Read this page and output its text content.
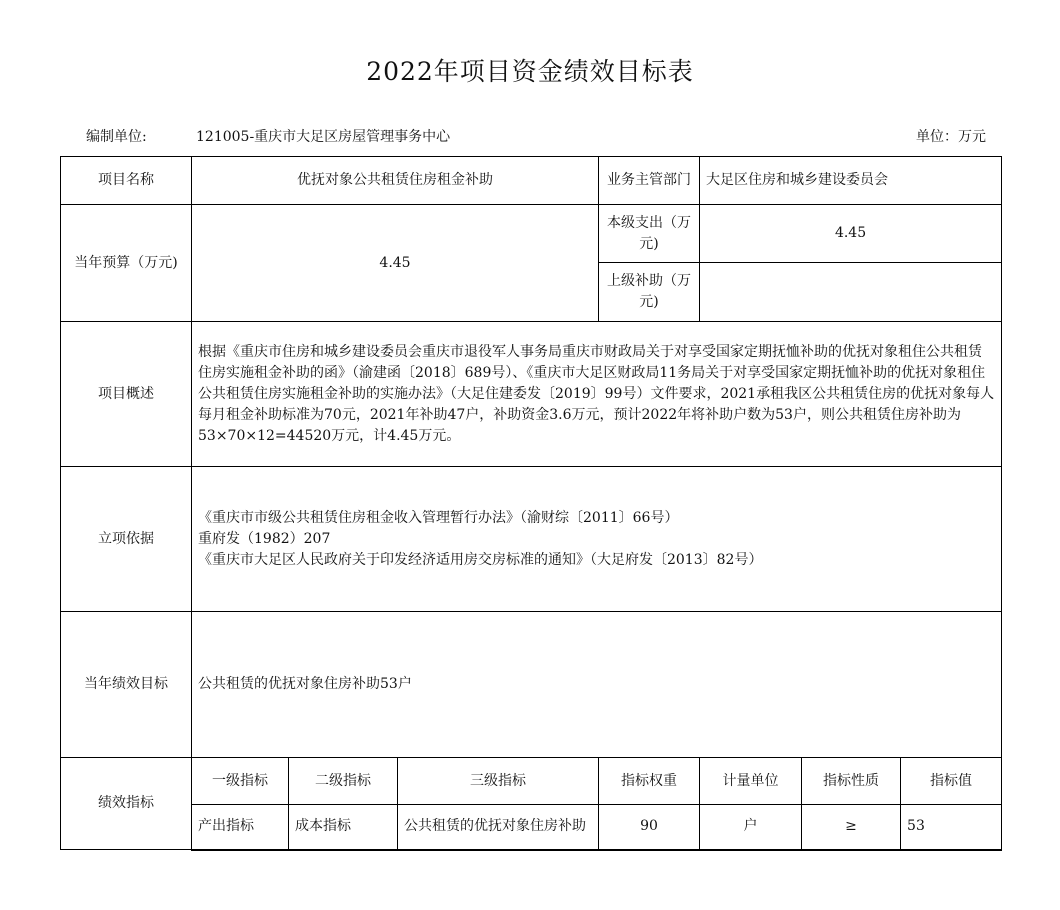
2022年项目资金绩效目标表
编制单位:	121005-重庆市大足区房屋管理事务中心	单位：万元
项目名称	优抚对象公共租赁住房租金补助			业务主管部门	大足区住房和城乡建设委员会		
当年预算（万元)	4.45			本级支出（万元)	4.45		
				上级补助（万元)			
项目概述	根据《重庆市住房和城乡建设委员会重庆市退役军人事务局重庆市财政局关于对享受国家定期抚恤补助的优抚对象租住公共租赁住房实施租金补助的函》（渝建函〔2018〕689号）、《重庆市大足区财政局11务局关于对享受国家定期抚恤补助的优抚对象租住公共租赁住房实施租金补助的实施办法》（大足住建委发〔2019〕99号）文件要求，2021承租我区公共租赁住房的优抚对象每人每月租金补助标准为70元，2021年补助47户，补助资金3.6万元，预计2022年将补助户数为53户，则公共租赁住房补助为53×70×12=44520万元，计4.45万元。						
立项依据	《重庆市市级公共租赁住房租金收入管理暂行办法》（渝财综〔2011〕66号）
重府发（1982）207
《重庆市大足区人民政府关于印发经济适用房交房标准的通知》（大足府发〔2013〕82号）						

当年绩效目标	公共租赁的优抚对象住房补助53户						
绩效指标	一级指标	二级指标	三级指标	指标权重	计量单位	指标性质	指标值
	产出指标	成本指标	公共租赁的优抚对象住房补助	90	户	≥	53
